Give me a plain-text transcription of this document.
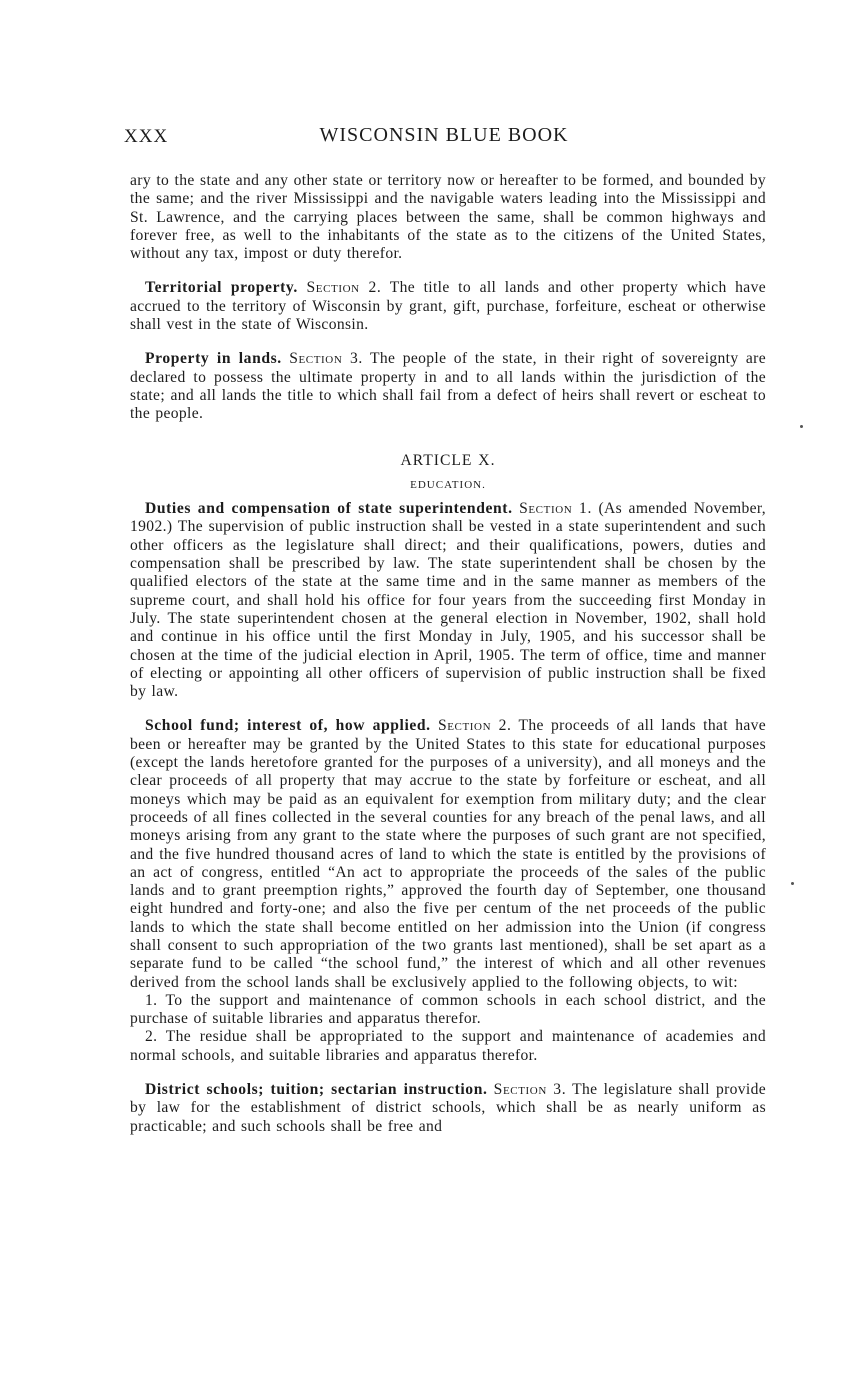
XXX	WISCONSIN BLUE BOOK

ary to the state and any other state or territory now or hereafter to be formed, and bounded by the same; and the river Mississippi and the navigable waters leading into the Mississippi and St. Lawrence, and the carrying places between the same, shall be common highways and forever free, as well to the inhabitants of the state as to the citizens of the United States, without any tax, impost or duty therefor.

Territorial property. Section 2. The title to all lands and other property which have accrued to the territory of Wisconsin by grant, gift, purchase, forfeiture, escheat or otherwise shall vest in the state of Wisconsin.

Property in lands. Section 3. The people of the state, in their right of sovereignty are declared to possess the ultimate property in and to all lands within the jurisdiction of the state; and all lands the title to which shall fail from a defect of heirs shall revert or escheat to the people.

ARTICLE X.

EDUCATION.

Duties and compensation of state superintendent. Section 1. (As amended November, 1902.) The supervision of public instruction shall be vested in a state superintendent and such other officers as the legislature shall direct; and their qualifications, powers, duties and compensation shall be prescribed by law. The state superintendent shall be chosen by the qualified electors of the state at the same time and in the same manner as members of the supreme court, and shall hold his office for four years from the succeeding first Monday in July. The state superintendent chosen at the general election in November, 1902, shall hold and continue in his office until the first Monday in July, 1905, and his successor shall be chosen at the time of the judicial election in April, 1905. The term of office, time and manner of electing or appointing all other officers of supervision of public instruction shall be fixed by law.

School fund; interest of, how applied. Section 2. The proceeds of all lands that have been or hereafter may be granted by the United States to this state for educational purposes (except the lands heretofore granted for the purposes of a university), and all moneys and the clear proceeds of all property that may accrue to the state by forfeiture or escheat, and all moneys which may be paid as an equivalent for exemption from military duty; and the clear proceeds of all fines collected in the several counties for any breach of the penal laws, and all moneys arising from any grant to the state where the purposes of such grant are not specified, and the five hundred thousand acres of land to which the state is entitled by the provisions of an act of congress, entitled “An act to appropriate the proceeds of the sales of the public lands and to grant preemption rights,” approved the fourth day of September, one thousand eight hundred and forty-one; and also the five per centum of the net proceeds of the public lands to which the state shall become entitled on her admission into the Union (if congress shall consent to such appropriation of the two grants last mentioned), shall be set apart as a separate fund to be called “the school fund,” the interest of which and all other revenues derived from the school lands shall be exclusively applied to the following objects, to wit:

1. To the support and maintenance of common schools in each school district, and the purchase of suitable libraries and apparatus therefor.

2. The residue shall be appropriated to the support and maintenance of academies and normal schools, and suitable libraries and apparatus therefor.

District schools; tuition; sectarian instruction. Section 3. The legislature shall provide by law for the establishment of district schools, which shall be as nearly uniform as practicable; and such schools shall be free and
